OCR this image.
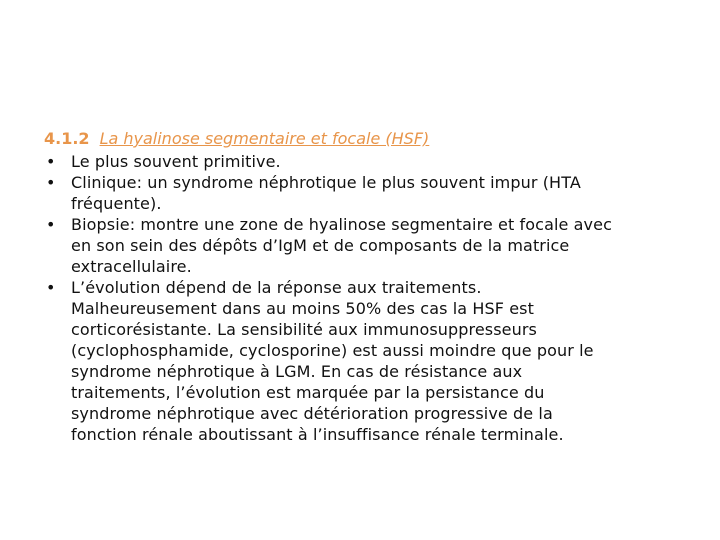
4.1.2 La hyalinose segmentaire et focale (HSF)
• Le plus souvent primitive.
• Clinique: un syndrome néphrotique le plus souvent impur (HTA
fréquente).
• Biopsie: montre une zone de hyalinose segmentaire et focale avec
en son sein des dépôts d’IgM et de composants de la matrice
extracellulaire.
• L’évolution dépend de la réponse aux traitements.
Malheureusement dans au moins 50% des cas la HSF est
corticorésistante. La sensibilité aux immunosuppresseurs
(cyclophosphamide, cyclosporine) est aussi moindre que pour le
syndrome néphrotique à LGM. En cas de résistance aux
traitements, l’évolution est marquée par la persistance du
syndrome néphrotique avec détérioration progressive de la
fonction rénale aboutissant à l’insuffisance rénale terminale.
